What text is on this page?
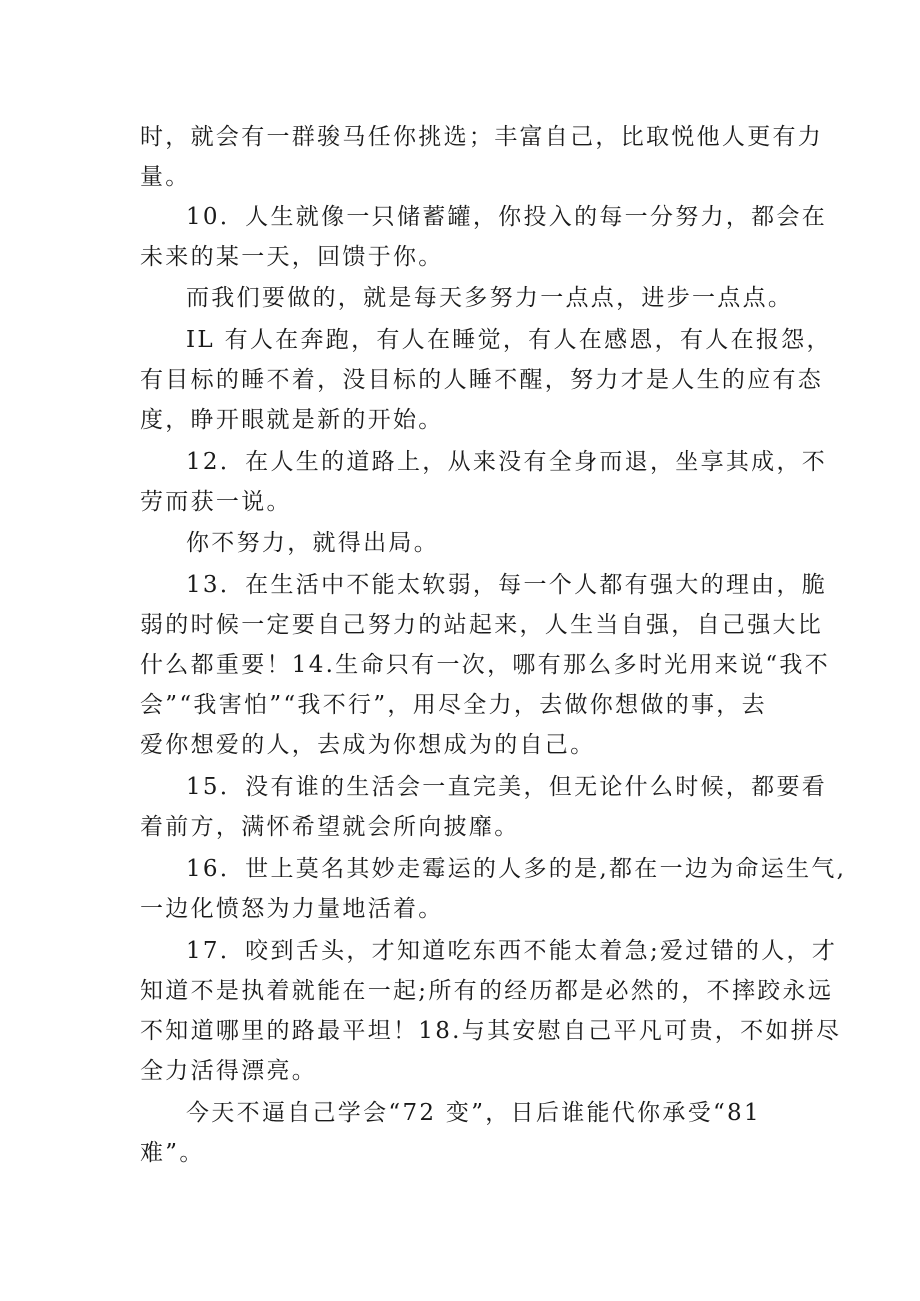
时，就会有一群骏马任你挑选；丰富自己，比取悦他人更有力
量。
10．人生就像一只储蓄罐，你投入的每一分努力，都会在
未来的某一天，回馈于你。
而我们要做的，就是每天多努力一点点，进步一点点。
IL 有人在奔跑，有人在睡觉，有人在感恩，有人在报怨，
有目标的睡不着，没目标的人睡不醒，努力才是人生的应有态
度，睁开眼就是新的开始。
12．在人生的道路上，从来没有全身而退，坐享其成，不
劳而获一说。
你不努力，就得出局。
13．在生活中不能太软弱，每一个人都有强大的理由，脆
弱的时候一定要自己努力的站起来，人生当自强，自己强大比
什么都重要！14.生命只有一次，哪有那么多时光用来说“我不
会”“我害怕”“我不行”，用尽全力，去做你想做的事，去
爱你想爱的人，去成为你想成为的自己。
15．没有谁的生活会一直完美，但无论什么时候，都要看
着前方，满怀希望就会所向披靡。
16．世上莫名其妙走霉运的人多的是,都在一边为命运生气,
一边化愤怒为力量地活着。
17．咬到舌头，才知道吃东西不能太着急;爱过错的人，才
知道不是执着就能在一起;所有的经历都是必然的，不摔跤永远
不知道哪里的路最平坦！18.与其安慰自己平凡可贵，不如拼尽
全力活得漂亮。
今天不逼自己学会“72 变”，日后谁能代你承受“81
难”。
